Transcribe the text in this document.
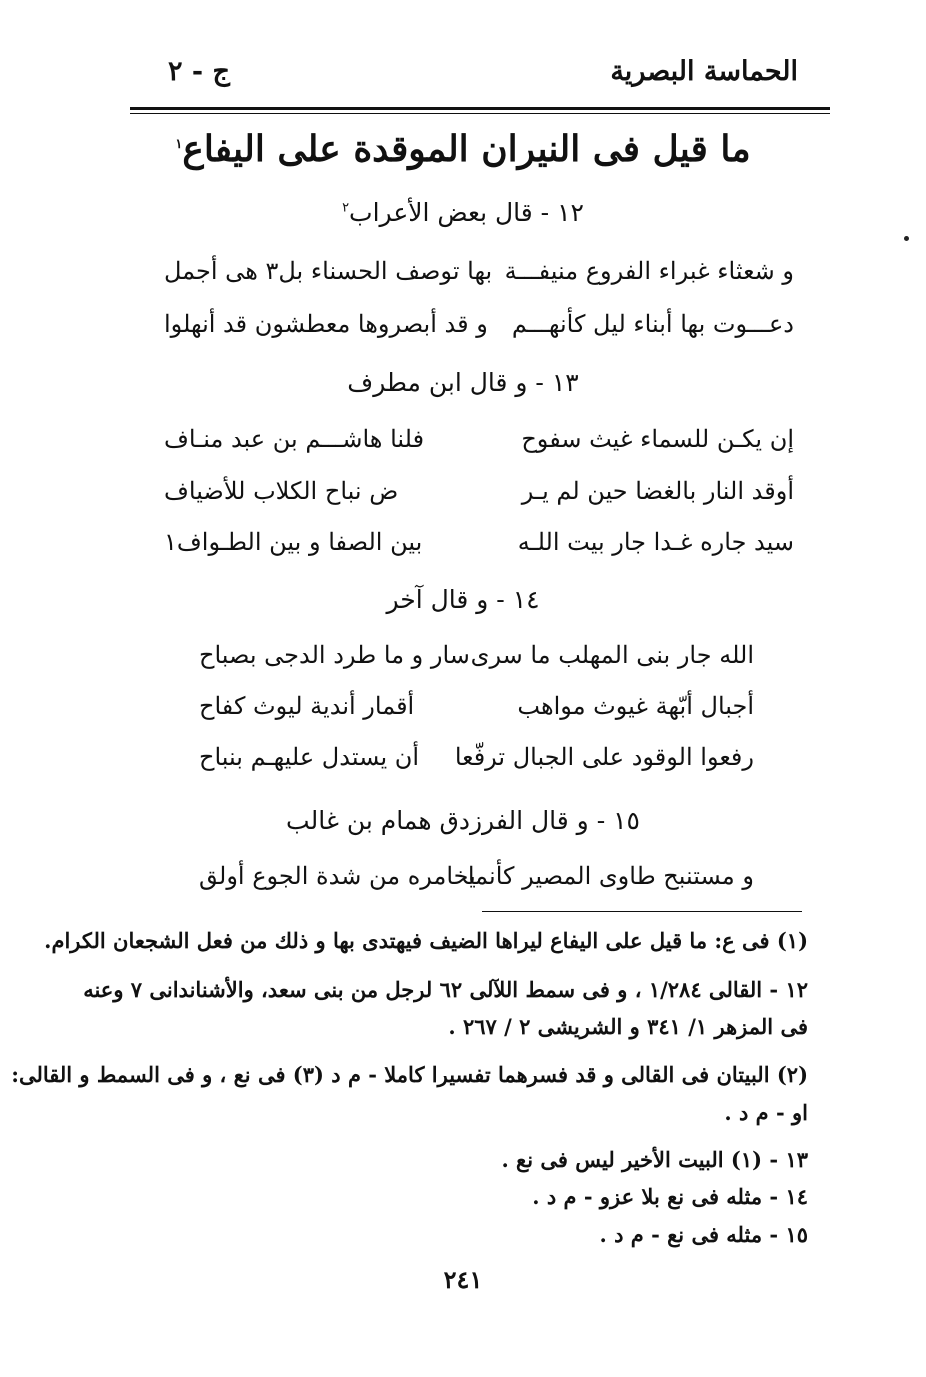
الحماسة البصرية
ج - ٢
ما قيل فى النيران الموقدة على اليفاع$^١$
١٢ - قال بعض الأعراب$^٢$
و شعثاء غبراء الفروع منيفـــة
بها توصف الحسناء بل٣ هى أجمل
دعـــوت بها أبناء ليل كأنهـــم
و قد أبصروها معطشون قد أنهلوا
١٣ - و قال ابن مطرف
إن يكـن للسماء غيث سفوح
فلنا هاشـــم بن عبد منـاف
أوقد النار بالغضا حين لم يـر
ض نباح الكلاب للأضياف
سيد جاره غـدا جار بيت اللـه
بين الصفا و بين الطـواف١
١٤ - و قال آخر
الله جار بنى المهلب ما سرى
سار و ما طرد الدجى بصباح
أجبال أبّهة غيوث مواهب
أقمار أندية ليوث كفاح
رفعوا الوقود على الجبال ترفّعا
أن يستدل عليهـم بنباح
١٥ - و قال الفرزدق همام بن غالب
و مستنبح طاوى المصير كأنما
يخامره من شدة الجوع أولق
(١) فى ع: ما قيل على اليفاع ليراها الضيف فيهتدى بها و ذلك من فعل الشجعان الكرام.
١٢ - القالى ١/٢٨٤ ، و فى سمط اللآلى ٦٢ لرجل من بنى سعد، والأشناندانى ٧ وعنه
فى المزهر ١/ ٣٤١ و الشريشى ٢ / ٢٦٧ .
(٢) البيتان فى القالى و قد فسرهما تفسيرا كاملا - م د (٣) فى نع ، و فى السمط و القالى:
او - م د .
١٣ - (١) البيت الأخير ليس فى نع .
١٤ - مثله فى نع بلا عزو - م د .
١٥ - مثله فى نع - م د .
٢٤١
